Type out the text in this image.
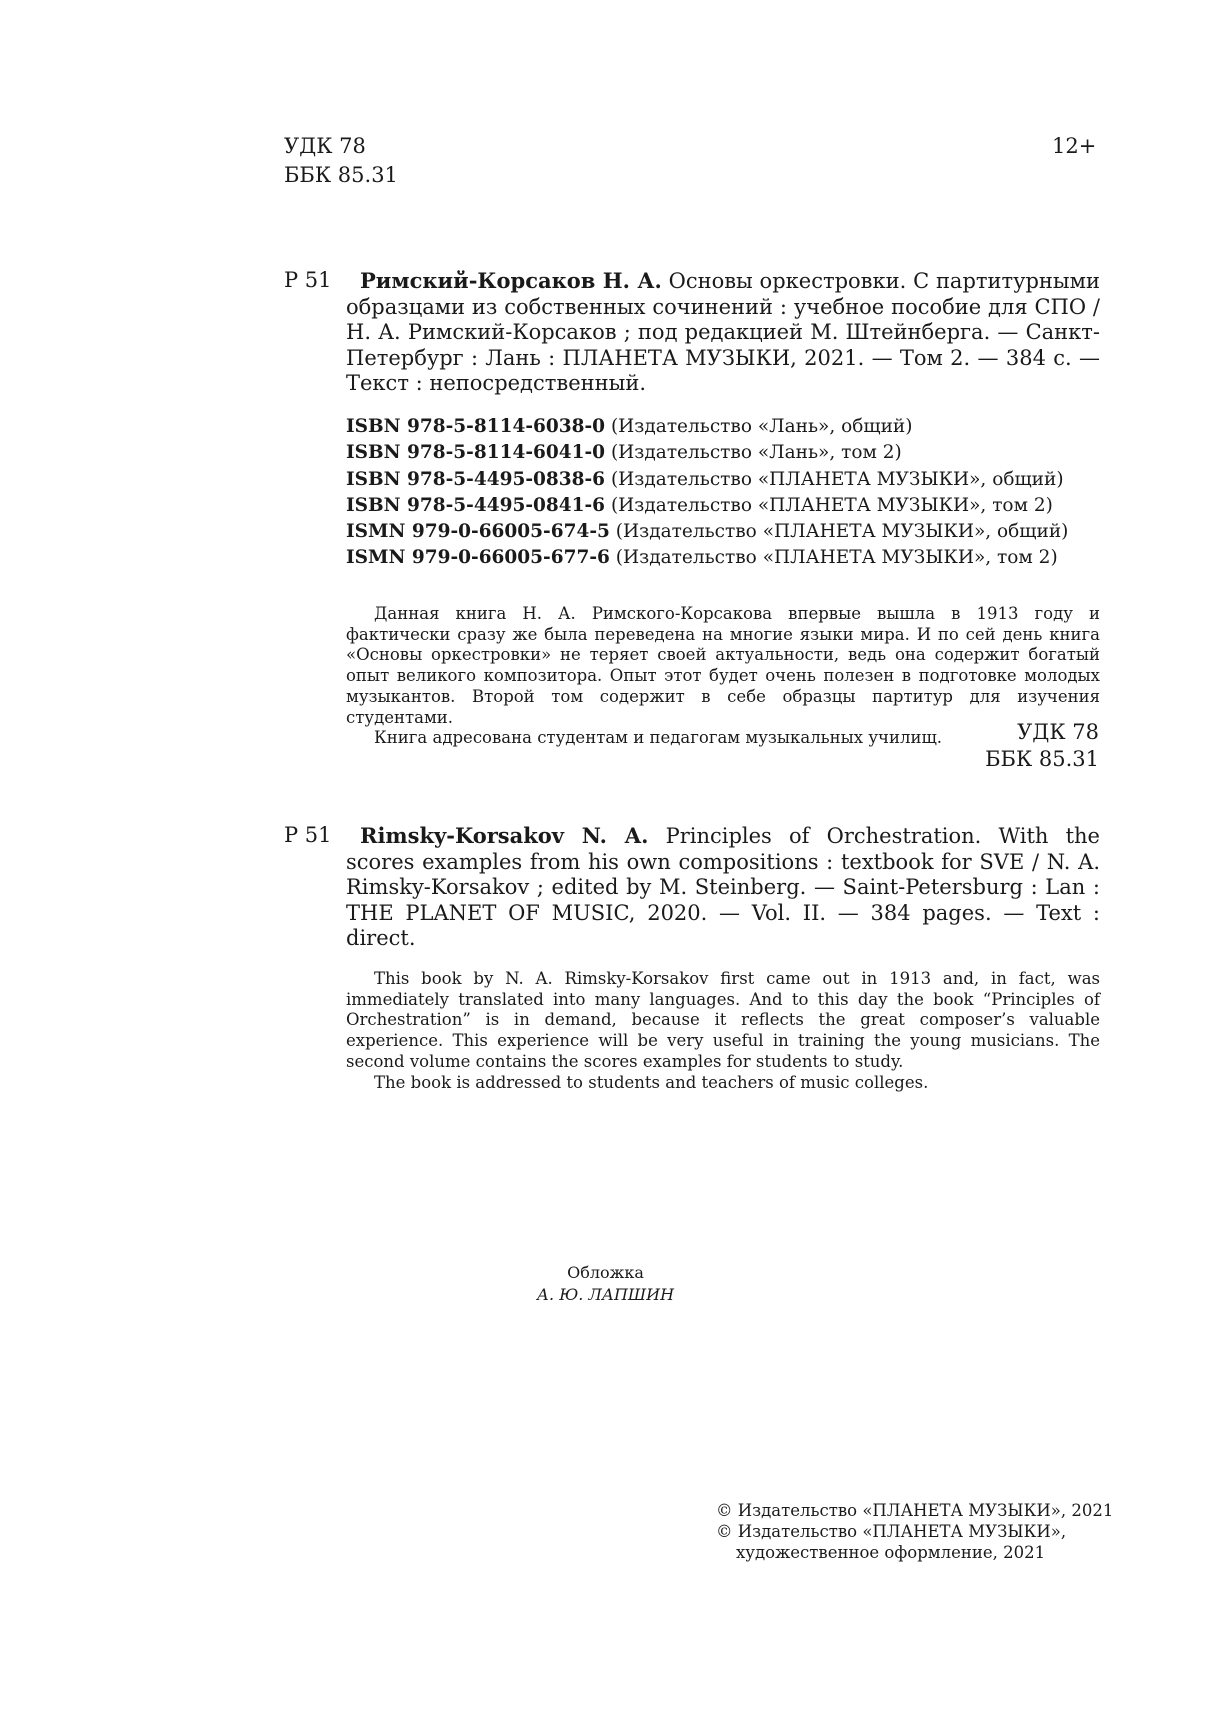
УДК 78
ББК 85.31
12+
Р 51	Римский-Корсаков Н. А. Основы оркестровки. С партитурными образцами из собственных сочинений : учебное пособие для СПО / Н. А. Римский-Корсаков ; под редакцией М. Штейнберга. — Санкт-Петербург : Лань : ПЛАНЕТА МУЗЫКИ, 2021. — Том 2. — 384 с. — Текст : непосредственный.
ISBN 978-5-8114-6038-0 (Издательство «Лань», общий)
ISBN 978-5-8114-6041-0 (Издательство «Лань», том 2)
ISBN 978-5-4495-0838-6 (Издательство «ПЛАНЕТА МУЗЫКИ», общий)
ISBN 978-5-4495-0841-6 (Издательство «ПЛАНЕТА МУЗЫКИ», том 2)
ISMN 979-0-66005-674-5 (Издательство «ПЛАНЕТА МУЗЫКИ», общий)
ISMN 979-0-66005-677-6 (Издательство «ПЛАНЕТА МУЗЫКИ», том 2)

Данная книга Н. А. Римского-Корсакова впервые вышла в 1913 году и фактически сразу же была переведена на многие языки мира. И по сей день книга «Основы оркестровки» не теряет своей актуальности, ведь она содержит богатый опыт великого композитора. Опыт этот будет очень полезен в подготовке молодых музыкантов. Второй том содержит в себе образцы партитур для изучения студентами.

Книга адресована студентам и педагогам музыкальных училищ.	УДК 78
ББК 85.31
Р 51	Rimsky-Korsakov N. A. Principles of Orchestration. With the scores examples from his own compositions : textbook for SVE / N. A. Rimsky-Korsakov ; edited by M. Steinberg. — Saint-Petersburg : Lan : THE PLANET OF MUSIC, 2020. — Vol. II. — 384 pages. — Text : direct.

This book by N. A. Rimsky-Korsakov first came out in 1913 and, in fact, was immediately translated into many languages. And to this day the book “Principles of Orchestration” is in demand, because it reflects the great composer’s valuable experience. This experience will be very useful in training the young musicians. The second volume contains the scores examples for students to study.

The book is addressed to students and teachers of music colleges.

Обложка
А. Ю. ЛАПШИН
© Издательство «ПЛАНЕТА МУЗЫКИ», 2021
© Издательство «ПЛАНЕТА МУЗЫКИ»,
художественное оформление, 2021
